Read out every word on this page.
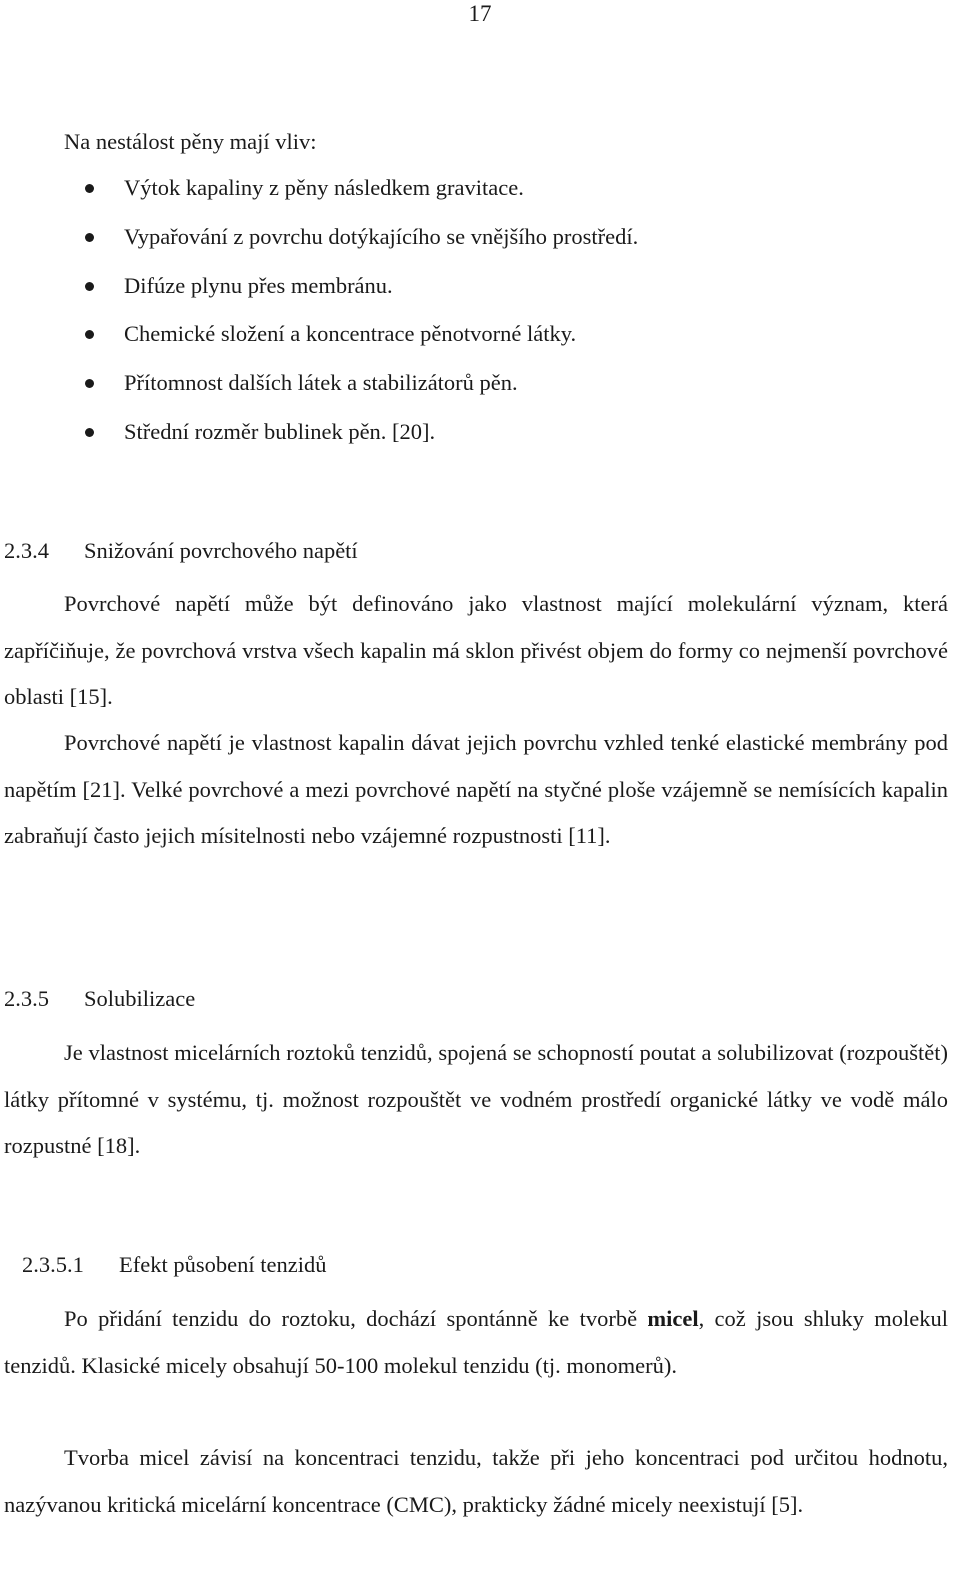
17
Na nestálost pěny mají vliv:
Výtok kapaliny z pěny následkem gravitace.
Vypařování z povrchu dotýkajícího se vnějšího prostředí.
Difúze plynu přes membránu.
Chemické složení a koncentrace pěnotvorné látky.
Přítomnost dalších látek a stabilizátorů pěn.
Střední rozměr bublinek pěn. [20].
2.3.4 Snižování povrchového napětí

Povrchové napětí může být definováno jako vlastnost mající molekulární význam, která zapříčiňuje, že povrchová vrstva všech kapalin má sklon přivést objem do formy co nejmenší povrchové oblasti [15].

Povrchové napětí je vlastnost kapalin dávat jejich povrchu vzhled tenké elastické membrány pod napětím [21]. Velké povrchové a mezi povrchové napětí na styčné ploše vzájemně se nemísících kapalin zabraňují často jejich mísitelnosti nebo vzájemné rozpustnosti [11].

2.3.5 Solubilizace

Je vlastnost micelárních roztoků tenzidů, spojená se schopností poutat a solubilizovat (rozpouštět) látky přítomné v systému, tj. možnost rozpouštět ve vodném prostředí organické látky ve vodě málo rozpustné [18].

2.3.5.1 Efekt působení tenzidů

Po přidání tenzidu do roztoku, dochází spontánně ke tvorbě micel, což jsou shluky molekul tenzidů. Klasické micely obsahují 50-100 molekul tenzidu (tj. monomerů).

Tvorba micel závisí na koncentraci tenzidu, takže při jeho koncentraci pod určitou hodnotu, nazývanou kritická micelární koncentrace (CMC), prakticky žádné micely neexistují [5].
